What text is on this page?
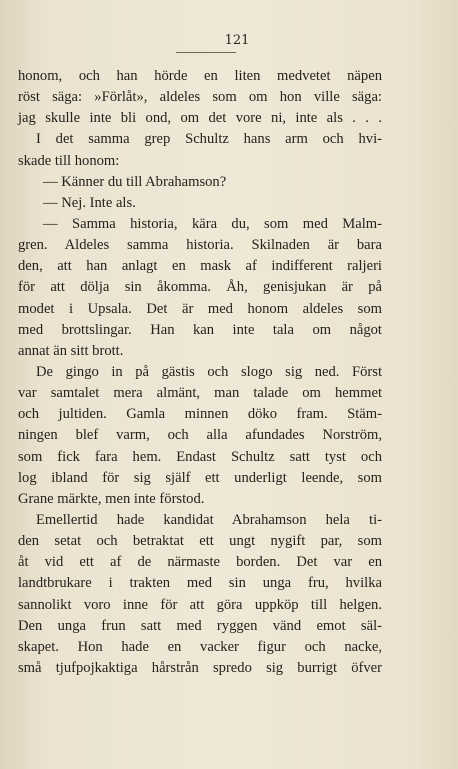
121
honom, och han hörde en liten medvetet näpen
röst säga: »Förlåt», aldeles som om hon ville säga:
jag skulle inte bli ond, om det vore ni, inte als . . .
I det samma grep Schultz hans arm och hvi-
skade till honom:
— Känner du till Abrahamson?
— Nej. Inte als.
— Samma historia, kära du, som med Malm-
gren. Aldeles samma historia. Skilnaden är bara
den, att han anlagt en mask af indifferent raljeri
för att dölja sin åkomma. Åh, genisjukan är på
modet i Upsala. Det är med honom aldeles som
med brottslingar. Han kan inte tala om något
annat än sitt brott.
De gingo in på gästis och slogo sig ned. Först
var samtalet mera almänt, man talade om hemmet
och jultiden. Gamla minnen döko fram. Stäm-
ningen blef varm, och alla afundades Norström,
som fick fara hem. Endast Schultz satt tyst och
log ibland för sig själf ett underligt leende, som
Grane märkte, men inte förstod.
Emellertid hade kandidat Abrahamson hela ti-
den setat och betraktat ett ungt nygift par, som
åt vid ett af de närmaste borden. Det var en
landtbrukare i trakten med sin unga fru, hvilka
sannolikt voro inne för att göra uppköp till helgen.
Den unga frun satt med ryggen vänd emot säl-
skapet. Hon hade en vacker figur och nacke,
små tjufpojkaktiga hårstrån spredo sig burrigt öfver
